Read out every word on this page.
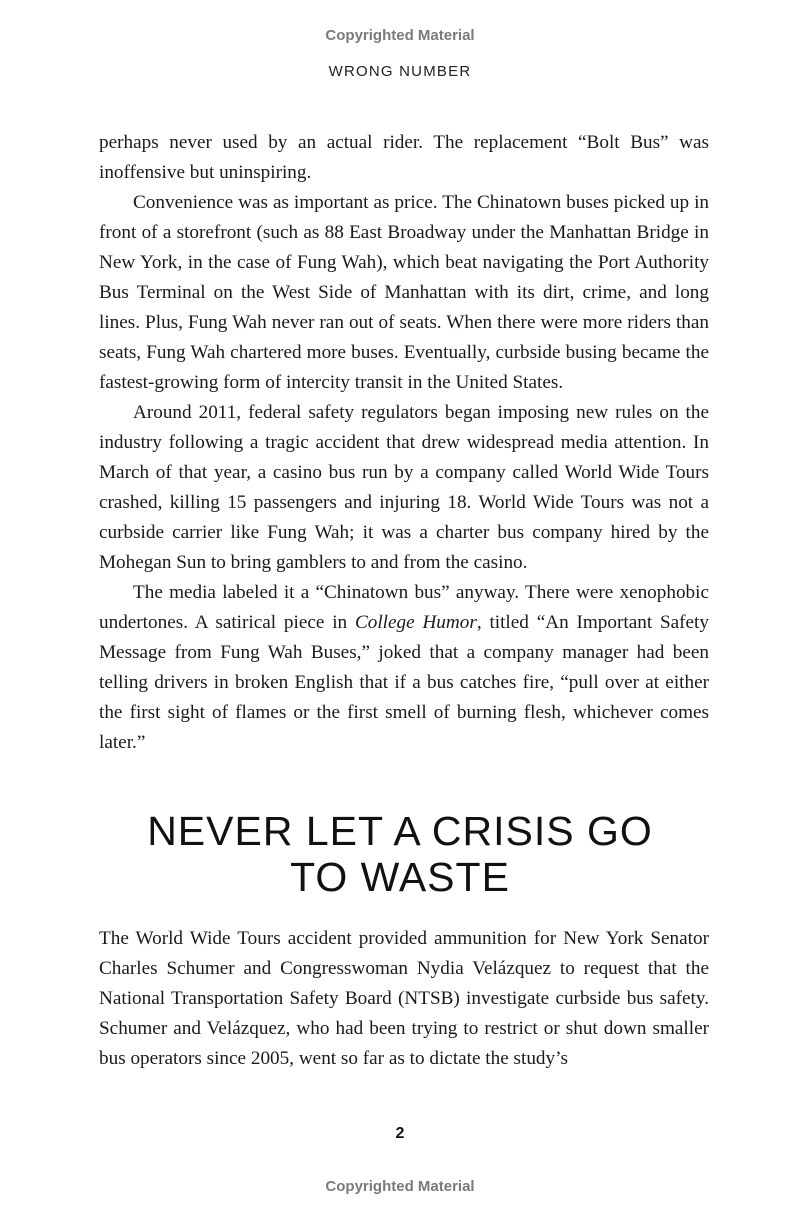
Copyrighted Material
WRONG NUMBER

perhaps never used by an actual rider. The replacement “Bolt Bus” was inoffensive but uninspiring.

Convenience was as important as price. The Chinatown buses picked up in front of a storefront (such as 88 East Broadway under the Manhattan Bridge in New York, in the case of Fung Wah), which beat navigating the Port Authority Bus Terminal on the West Side of Manhattan with its dirt, crime, and long lines. Plus, Fung Wah never ran out of seats. When there were more riders than seats, Fung Wah chartered more buses. Eventually, curbside busing became the fastest-growing form of intercity transit in the United States.

Around 2011, federal safety regulators began imposing new rules on the industry following a tragic accident that drew widespread media attention. In March of that year, a casino bus run by a company called World Wide Tours crashed, killing 15 passengers and injuring 18. World Wide Tours was not a curbside carrier like Fung Wah; it was a charter bus company hired by the Mohegan Sun to bring gamblers to and from the casino.

The media labeled it a “Chinatown bus” anyway. There were xenophobic undertones. A satirical piece in College Humor, titled “An Important Safety Message from Fung Wah Buses,” joked that a company manager had been telling drivers in broken English that if a bus catches fire, “pull over at either the first sight of flames or the first smell of burning flesh, whichever comes later.”

NEVER LET A CRISIS GO
TO WASTE

The World Wide Tours accident provided ammunition for New York Senator Charles Schumer and Congresswoman Nydia Velázquez to request that the National Transportation Safety Board (NTSB) investigate curbside bus safety. Schumer and Velázquez, who had been trying to restrict or shut down smaller bus operators since 2005, went so far as to dictate the study’s

2
Copyrighted Material
